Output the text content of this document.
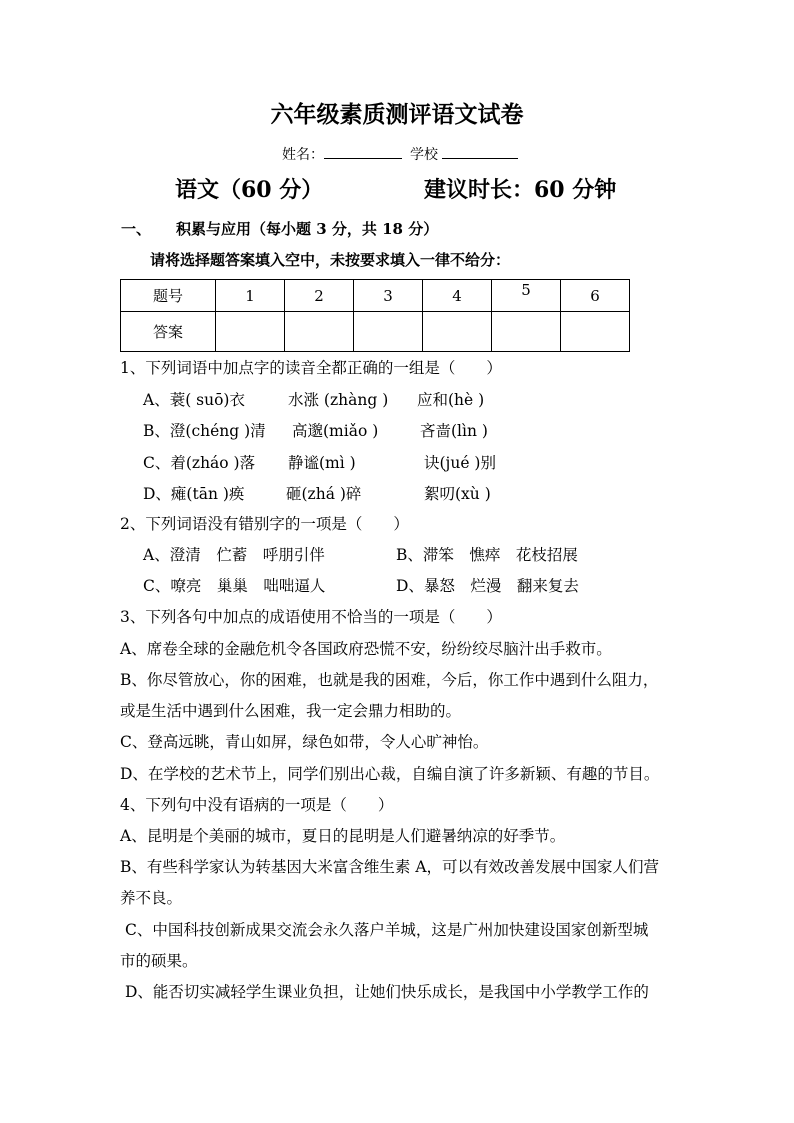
六年级素质测评语文试卷
姓名：	学校
语文（60 分）	建议时长：60 分钟
一、 积累与应用（每小题 3 分，共 18 分）
请将选择题答案填入空中，未按要求填入一律不给分：
题号	1	2	3	4	5	6
答案						
1、下列词语中加点字的读音全都正确的一组是（　　）
A、蓑( suō)衣	水涨 (zhàng ) 应和(hè )
B、澄(chéng )清 高邈(miǎo )	吝啬(lìn )
C、着(zháo )落 静谧(mì )	诀(jué )别
D、瘫(tān )痪	砸(zhá )碎	絮叨(xù )
2、下列词语没有错别字的一项是（　　）
A、澄清　伫蓄　呼朋引伴	B、滞笨　憔瘁　花枝招展
C、嘹亮　巢巢　咄咄逼人	D、暴怒　烂漫　翻来复去
3、下列各句中加点的成语使用不恰当的一项是（　　）
A、席卷全球的金融危机令各国政府恐慌不安，纷纷绞尽脑汁出手救市。
B、你尽管放心，你的困难，也就是我的困难，今后，你工作中遇到什么阻力，
或是生活中遇到什么困难，我一定会鼎力相助的。
C、登高远眺，青山如屏，绿色如带，令人心旷神怡。
D、在学校的艺术节上，同学们别出心裁，自编自演了许多新颖、有趣的节目。
4、下列句中没有语病的一项是（　　）
A、昆明是个美丽的城市，夏日的昆明是人们避暑纳凉的好季节。
B、有些科学家认为转基因大米富含维生素 A，可以有效改善发展中国家人们营
养不良。
C、中国科技创新成果交流会永久落户羊城，这是广州加快建设国家创新型城
市的硕果。
D、能否切实减轻学生课业负担，让她们快乐成长，是我国中小学教学工作的
